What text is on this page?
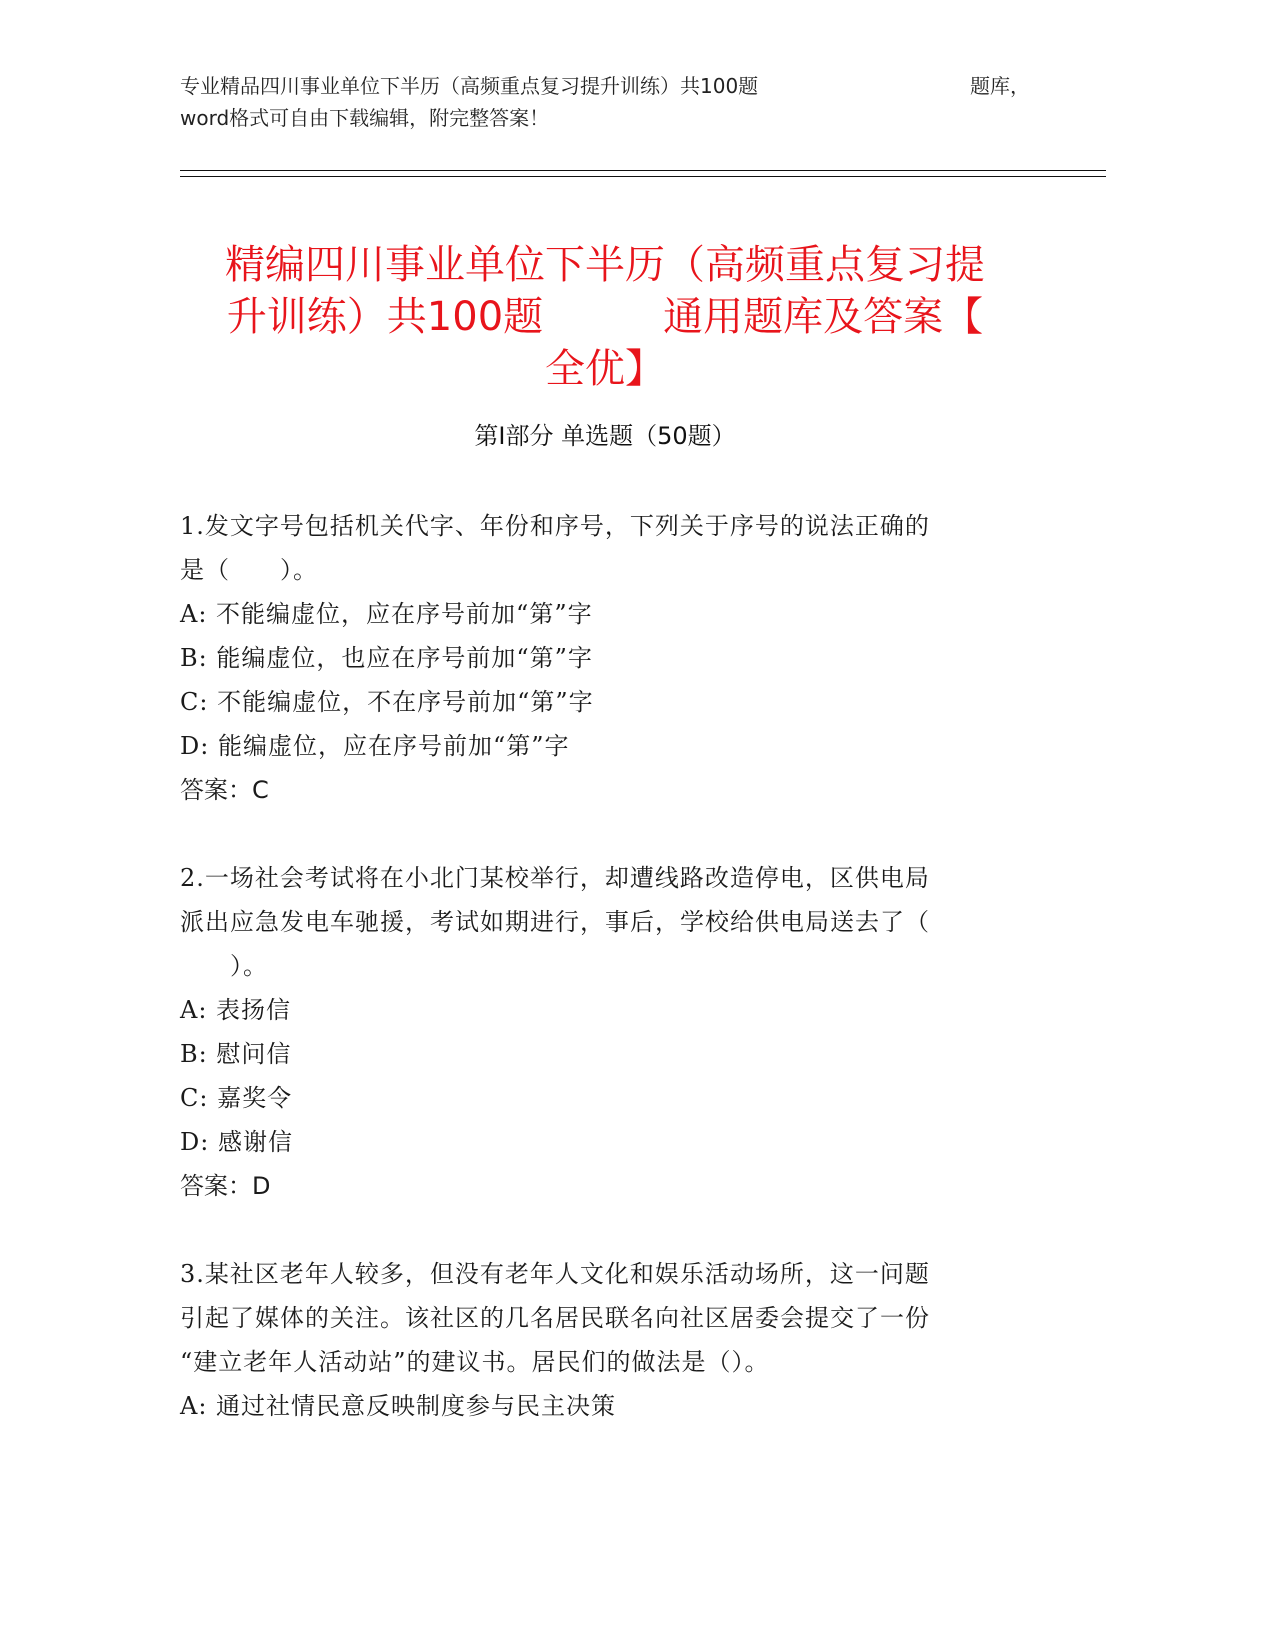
专业精品四川事业单位下半历（高频重点复习提升训练）共100题	题库，
word格式可自由下载编辑，附完整答案！
精编四川事业单位下半历（高频重点复习提
升训练）共100题	通用题库及答案【
全优】
第I部分 单选题（50题）

1.发文字号包括机关代字、年份和序号，下列关于序号的说法正确的

是（　　）。

A: 不能编虚位，应在序号前加“第”字

B: 能编虚位，也应在序号前加“第”字

C: 不能编虚位，不在序号前加“第”字

D: 能编虚位，应在序号前加“第”字

答案：C

2.一场社会考试将在小北门某校举行，却遭线路改造停电，区供电局

派出应急发电车驰援，考试如期进行，事后，学校给供电局送去了（

　　）。

A: 表扬信

B: 慰问信

C: 嘉奖令

D: 感谢信

答案：D

3.某社区老年人较多，但没有老年人文化和娱乐活动场所，这一问题

引起了媒体的关注。该社区的几名居民联名向社区居委会提交了一份

“建立老年人活动站”的建议书。居民们的做法是（）。

A: 通过社情民意反映制度参与民主决策
